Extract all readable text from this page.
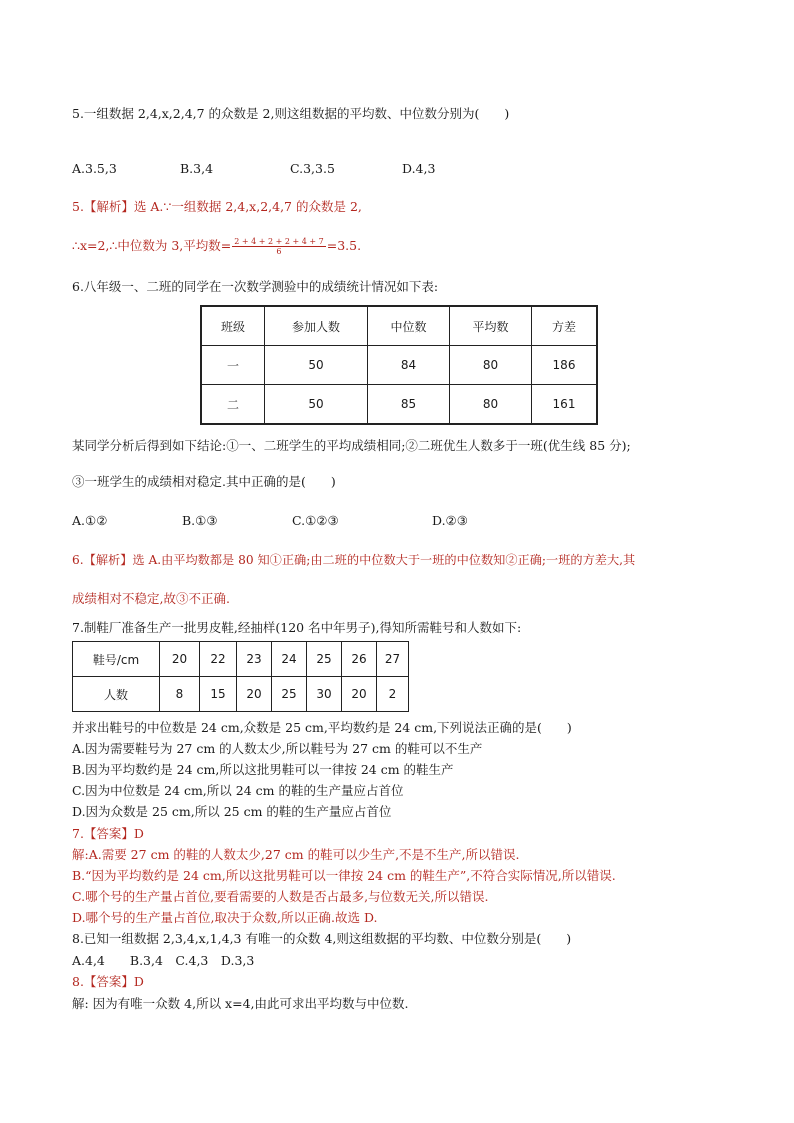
5.一组数据 2,4,x,2,4,7 的众数是 2,则这组数据的平均数、中位数分别为(　　)
A.3.5,3	B.3,4	C.3,3.5	D.4,3
5.【解析】选 A.∵一组数据 2,4,x,2,4,7 的众数是 2,
∴x=2,∴中位数为 3,平均数= $\frac{2 + 4 + 2 + 2 + 4 + 7}{6} =3.5$.
6.八年级一、二班的同学在一次数学测验中的成绩统计情况如下表:
班级	参加人数	中位数	平均数	方差
一	50	84	80	186
二	50	85	80	161
某同学分析后得到如下结论:①一、二班学生的平均成绩相同;②二班优生人数多于一班(优生线 85 分);
③一班学生的成绩相对稳定.其中正确的是(　　)
A.①②	B.①③	C.①②③	D.②③
6.【解析】选 A.由平均数都是 80 知①正确;由二班的中位数大于一班的中位数知②正确;一班的方差大,其
成绩相对不稳定,故③不正确.
7.制鞋厂准备生产一批男皮鞋,经抽样(120 名中年男子),得知所需鞋号和人数如下:
鞋号/cm	20	22	23	24	25	26	27
人数	8	15	20	25	30	20	2
并求出鞋号的中位数是 24 cm,众数是 25 cm,平均数约是 24 cm,下列说法正确的是(　　)
A.因为需要鞋号为 27 cm 的人数太少,所以鞋号为 27 cm 的鞋可以不生产
B.因为平均数约是 24 cm,所以这批男鞋可以一律按 24 cm 的鞋生产
C.因为中位数是 24 cm,所以 24 cm 的鞋的生产量应占首位
D.因为众数是 25 cm,所以 25 cm 的鞋的生产量应占首位
7.【答案】D
解:A.需要 27 cm 的鞋的人数太少,27 cm 的鞋可以少生产,不是不生产,所以错误.
B.“因为平均数约是 24 cm,所以这批男鞋可以一律按 24 cm 的鞋生产”,不符合实际情况,所以错误.
C.哪个号的生产量占首位,要看需要的人数是否占最多,与位数无关,所以错误.
D.哪个号的生产量占首位,取决于众数,所以正确.故选 D.
8.已知一组数据 2,3,4,x,1,4,3 有唯一的众数 4,则这组数据的平均数、中位数分别是(　　)
A.4,4　　B.3,4　C.4,3　D.3,3
8.【答案】D
解: 因为有唯一众数 4,所以 x=4,由此可求出平均数与中位数.
